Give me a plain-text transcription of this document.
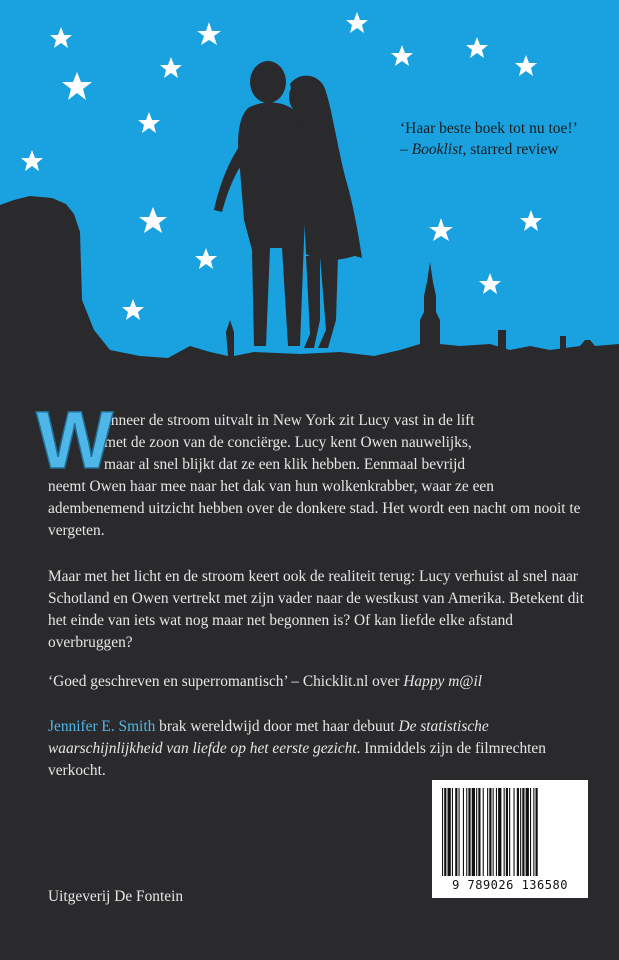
‘Haar beste boek tot nu toe!’
– Booklist, starred review
W
anneer de stroom uitvalt in New York zit Lucy vast in de lift
met de zoon van de conciërge. Lucy kent Owen nauwelijks,
maar al snel blijkt dat ze een klik hebben. Eenmaal bevrijd
neemt Owen haar mee naar het dak van hun wolkenkrabber, waar ze een adembenemend uitzicht hebben over de donkere stad. Het wordt een nacht om nooit te vergeten.
Maar met het licht en de stroom keert ook de realiteit terug: Lucy verhuist al snel naar Schotland en Owen vertrekt met zijn vader naar de westkust van Amerika. Betekent dit het einde van iets wat nog maar net begonnen is? Of kan liefde elke afstand overbruggen?
‘Goed geschreven en superromantisch’ – Chicklit.nl over Happy m@il
Jennifer E. Smith brak wereldwijd door met haar debuut De statistische waarschijnlijkheid van liefde op het eerste gezicht. Inmiddels zijn de filmrechten verkocht.
9 789026 136580
Uitgeverij De Fontein
